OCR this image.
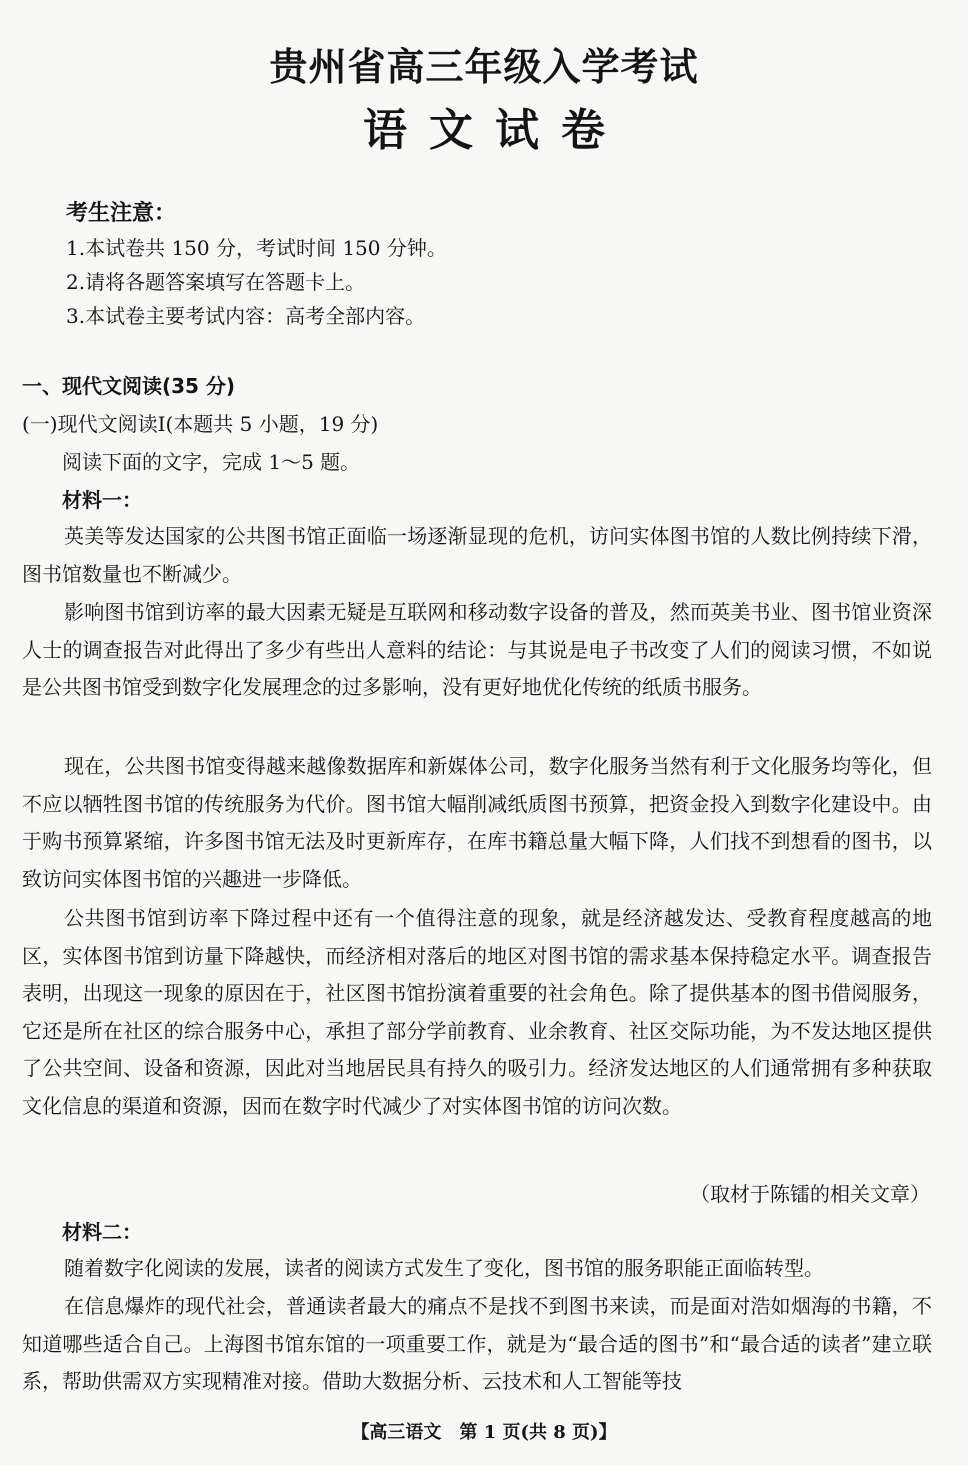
贵州省高三年级入学考试
语文试卷
考生注意：
1.本试卷共 150 分，考试时间 150 分钟。
2.请将各题答案填写在答题卡上。
3.本试卷主要考试内容：高考全部内容。
一、现代文阅读(35 分)
(一)现代文阅读Ⅰ(本题共 5 小题，19 分)
阅读下面的文字，完成 1～5 题。
材料一：

英美等发达国家的公共图书馆正面临一场逐渐显现的危机，访问实体图书馆的人数比例持续下滑，图书馆数量也不断减少。

影响图书馆到访率的最大因素无疑是互联网和移动数字设备的普及，然而英美书业、图书馆业资深人士的调查报告对此得出了多少有些出人意料的结论：与其说是电子书改变了人们的阅读习惯，不如说是公共图书馆受到数字化发展理念的过多影响，没有更好地优化传统的纸质书服务。

现在，公共图书馆变得越来越像数据库和新媒体公司，数字化服务当然有利于文化服务均等化，但不应以牺牲图书馆的传统服务为代价。图书馆大幅削减纸质图书预算，把资金投入到数字化建设中。由于购书预算紧缩，许多图书馆无法及时更新库存，在库书籍总量大幅下降，人们找不到想看的图书，以致访问实体图书馆的兴趣进一步降低。

公共图书馆到访率下降过程中还有一个值得注意的现象，就是经济越发达、受教育程度越高的地区，实体图书馆到访量下降越快，而经济相对落后的地区对图书馆的需求基本保持稳定水平。调查报告表明，出现这一现象的原因在于，社区图书馆扮演着重要的社会角色。除了提供基本的图书借阅服务，它还是所在社区的综合服务中心，承担了部分学前教育、业余教育、社区交际功能，为不发达地区提供了公共空间、设备和资源，因此对当地居民具有持久的吸引力。经济发达地区的人们通常拥有多种获取文化信息的渠道和资源，因而在数字时代减少了对实体图书馆的访问次数。

（取材于陈镭的相关文章）
材料二：

随着数字化阅读的发展，读者的阅读方式发生了变化，图书馆的服务职能正面临转型。

在信息爆炸的现代社会，普通读者最大的痛点不是找不到图书来读，而是面对浩如烟海的书籍，不知道哪些适合自己。上海图书馆东馆的一项重要工作，就是为“最合适的图书”和“最合适的读者”建立联系，帮助供需双方实现精准对接。借助大数据分析、云技术和人工智能等技

【高三语文　第 1 页(共 8 页)】
